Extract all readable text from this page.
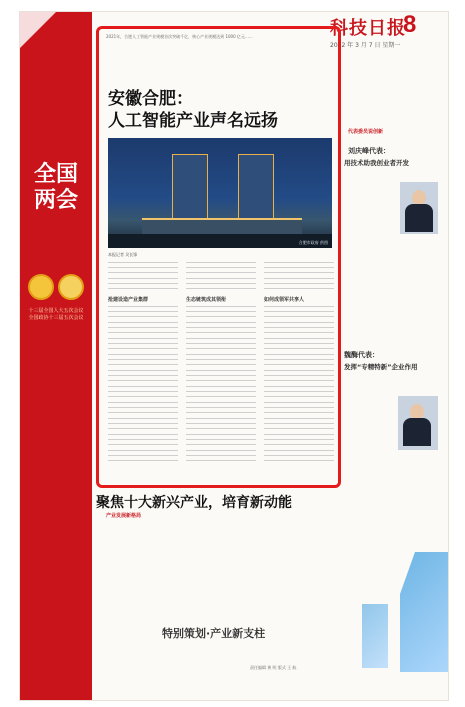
全国两会
十三届全国人大五次会议 全国政协十三届五次会议
科技日报
8
2022 年 3 月 7 日 星期一
2021年，合肥人工智能产业规模首次突破千亿，核心产业规模达到 1000 亿元……
安徽合肥：
人工智能产业声名远扬
合肥市政府 供图
本报记者 吴长锋
抢建设造产业集群	生态链筑成其领衔	如何成领军共享人
代表委员说创新
刘庆峰代表：
用技术助我创业者开发
魏酶代表：
发挥“专精特新”企业作用
聚焦十大新兴产业，培育新动能
产业发展新格局
特别策划·产业新支柱
责任编辑 黄 明 版式 王 航
